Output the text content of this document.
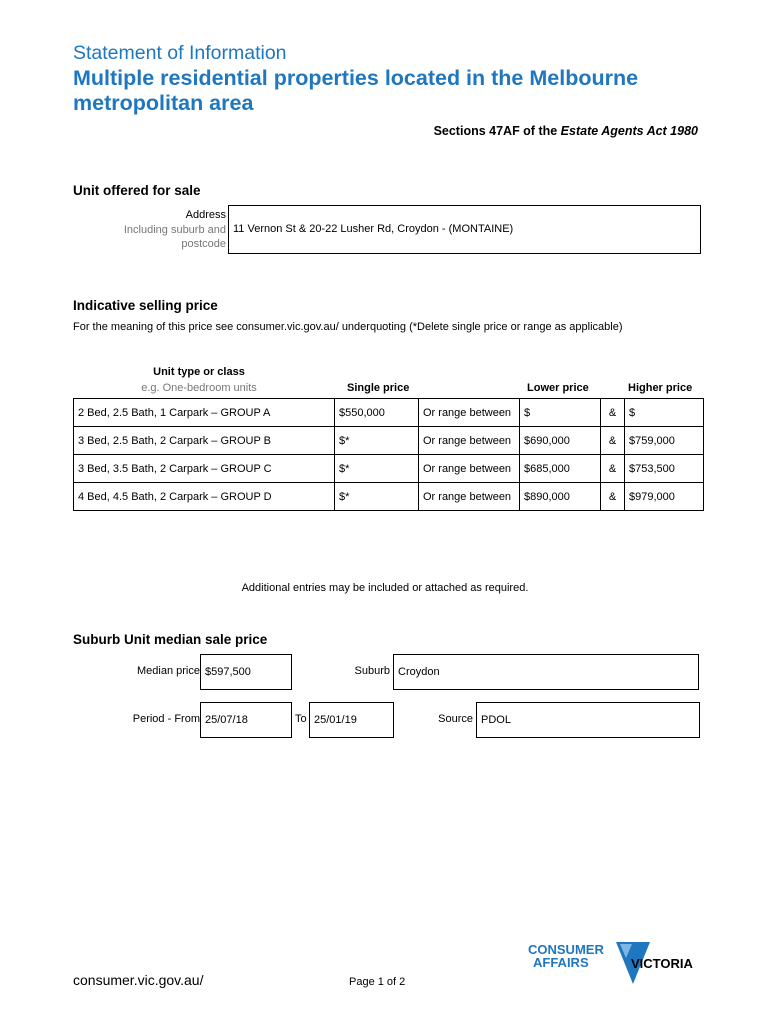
Statement of Information
Multiple residential properties located in the Melbourne metropolitan area
Sections 47AF of the Estate Agents Act 1980
Unit offered for sale
Address
Including suburb and
postcode
11 Vernon St & 20-22 Lusher Rd, Croydon - (MONTAINE)
Indicative selling price
For the meaning of this price see consumer.vic.gov.au/ underquoting (*Delete single price or range as applicable)
Unit type or class
e.g. One-bedroom units	Single price	Lower price	Higher price
2 Bed, 2.5 Bath, 1 Carpark – GROUP A	$550,000	Or range between	$	&	$
3 Bed, 2.5 Bath, 2 Carpark – GROUP B	$*	Or range between	$690,000	&	$759,000
3 Bed, 3.5 Bath, 2 Carpark – GROUP C	$*	Or range between	$685,000	&	$753,500
4 Bed, 4.5 Bath, 2 Carpark – GROUP D	$*	Or range between	$890,000	&	$979,000
Additional entries may be included or attached as required.
Suburb Unit median sale price
Median price $597,500	Suburb Croydon
Period - From 25/07/18	To 25/01/19	Source PDOL
consumer.vic.gov.au/	Page 1 of 2
CONSUMER
AFFAIRS	VICTORIA
